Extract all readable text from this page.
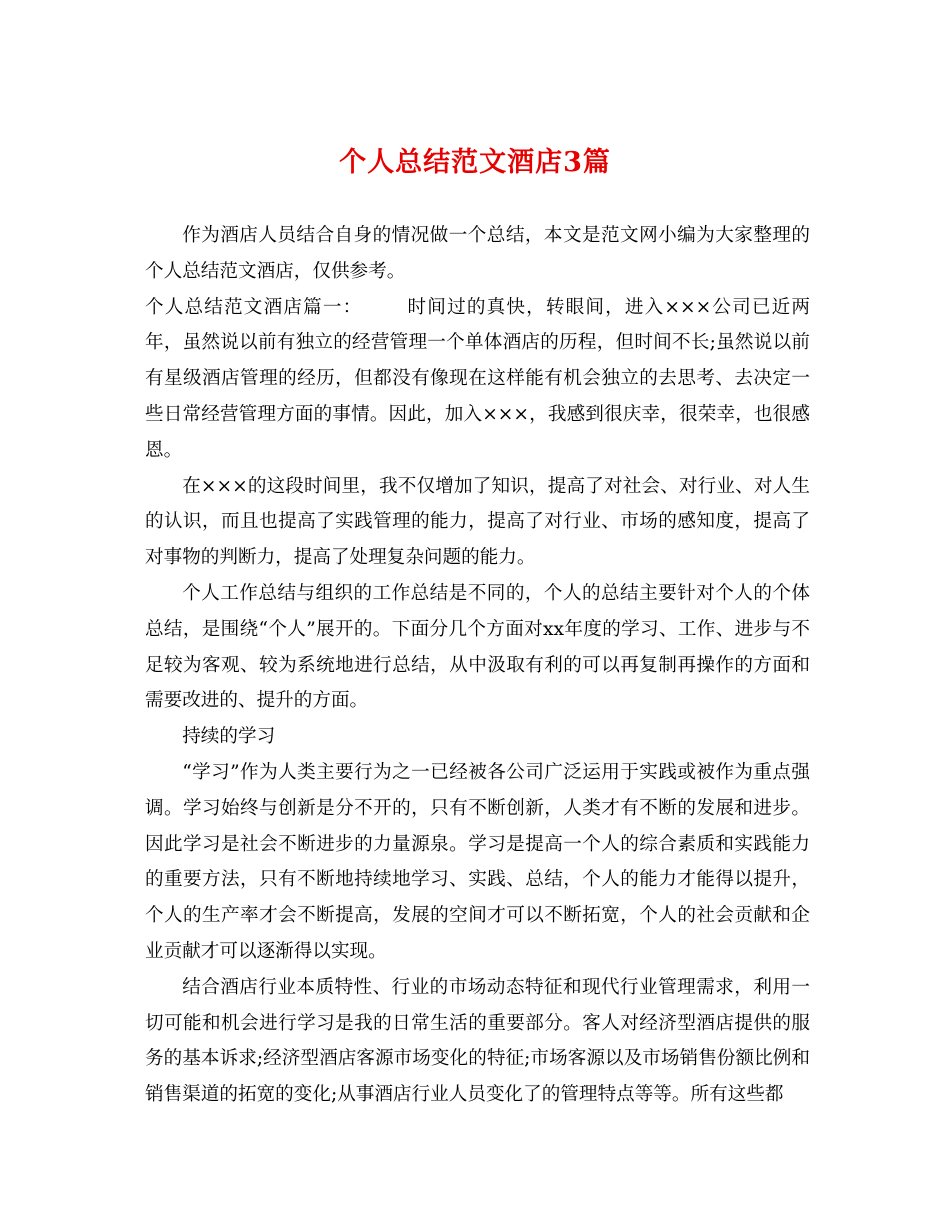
个人总结范文酒店3篇

作为酒店人员结合自身的情况做一个总结，本文是范文网小编为大家整理的个人总结范文酒店，仅供参考。

个人总结范文酒店篇一： 时间过的真快，转眼间，进入×××公司已近两年，虽然说以前有独立的经营管理一个单体酒店的历程，但时间不长;虽然说以前有星级酒店管理的经历，但都没有像现在这样能有机会独立的去思考、去决定一些日常经营管理方面的事情。因此，加入×××，我感到很庆幸，很荣幸，也很感恩。

在×××的这段时间里，我不仅增加了知识，提高了对社会、对行业、对人生的认识，而且也提高了实践管理的能力，提高了对行业、市场的感知度，提高了对事物的判断力，提高了处理复杂问题的能力。

个人工作总结与组织的工作总结是不同的，个人的总结主要针对个人的个体总结，是围绕“个人”展开的。下面分几个方面对xx年度的学习、工作、进步与不足较为客观、较为系统地进行总结，从中汲取有利的可以再复制再操作的方面和需要改进的、提升的方面。

持续的学习

“学习”作为人类主要行为之一已经被各公司广泛运用于实践或被作为重点强调。学习始终与创新是分不开的，只有不断创新，人类才有不断的发展和进步。因此学习是社会不断进步的力量源泉。学习是提高一个人的综合素质和实践能力的重要方法，只有不断地持续地学习、实践、总结，个人的能力才能得以提升，个人的生产率才会不断提高，发展的空间才可以不断拓宽，个人的社会贡献和企业贡献才可以逐渐得以实现。

结合酒店行业本质特性、行业的市场动态特征和现代行业管理需求，利用一切可能和机会进行学习是我的日常生活的重要部分。客人对经济型酒店提供的服务的基本诉求;经济型酒店客源市场变化的特征;市场客源以及市场销售份额比例和销售渠道的拓宽的变化;从事酒店行业人员变化了的管理特点等等。所有这些都
